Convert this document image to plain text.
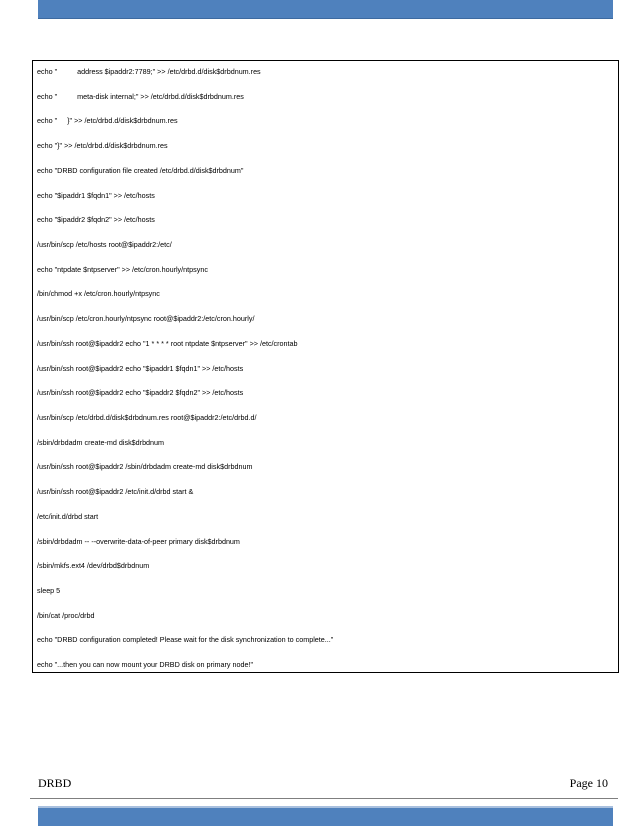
echo "          address $ipaddr2:7789;" >> /etc/drbd.d/disk$drbdnum.res
echo "          meta-disk internal;" >> /etc/drbd.d/disk$drbdnum.res
echo "     }" >> /etc/drbd.d/disk$drbdnum.res
echo "}" >> /etc/drbd.d/disk$drbdnum.res
echo "DRBD configuration file created /etc/drbd.d/disk$drbdnum"
echo "$ipaddr1 $fqdn1" >> /etc/hosts
echo "$ipaddr2 $fqdn2" >> /etc/hosts
/usr/bin/scp /etc/hosts root@$ipaddr2:/etc/
echo "ntpdate $ntpserver" >> /etc/cron.hourly/ntpsync
/bin/chmod +x /etc/cron.hourly/ntpsync
/usr/bin/scp /etc/cron.hourly/ntpsync root@$ipaddr2:/etc/cron.hourly/
/usr/bin/ssh root@$ipaddr2 echo "1 * * * * root ntpdate $ntpserver" >> /etc/crontab
/usr/bin/ssh root@$ipaddr2 echo "$ipaddr1 $fqdn1" >> /etc/hosts
/usr/bin/ssh root@$ipaddr2 echo "$ipaddr2 $fqdn2" >> /etc/hosts
/usr/bin/scp /etc/drbd.d/disk$drbdnum.res root@$ipaddr2:/etc/drbd.d/
/sbin/drbdadm create-md disk$drbdnum
/usr/bin/ssh root@$ipaddr2 /sbin/drbdadm create-md disk$drbdnum
/usr/bin/ssh root@$ipaddr2 /etc/init.d/drbd start &
/etc/init.d/drbd start
/sbin/drbdadm -- --overwrite-data-of-peer primary disk$drbdnum
/sbin/mkfs.ext4 /dev/drbd$drbdnum
sleep 5
/bin/cat /proc/drbd
echo "DRBD configuration completed! Please wait for the disk synchronization to complete..."
echo "...then you can now mount your DRBD disk on primary node!"
DRBD	Page 10
